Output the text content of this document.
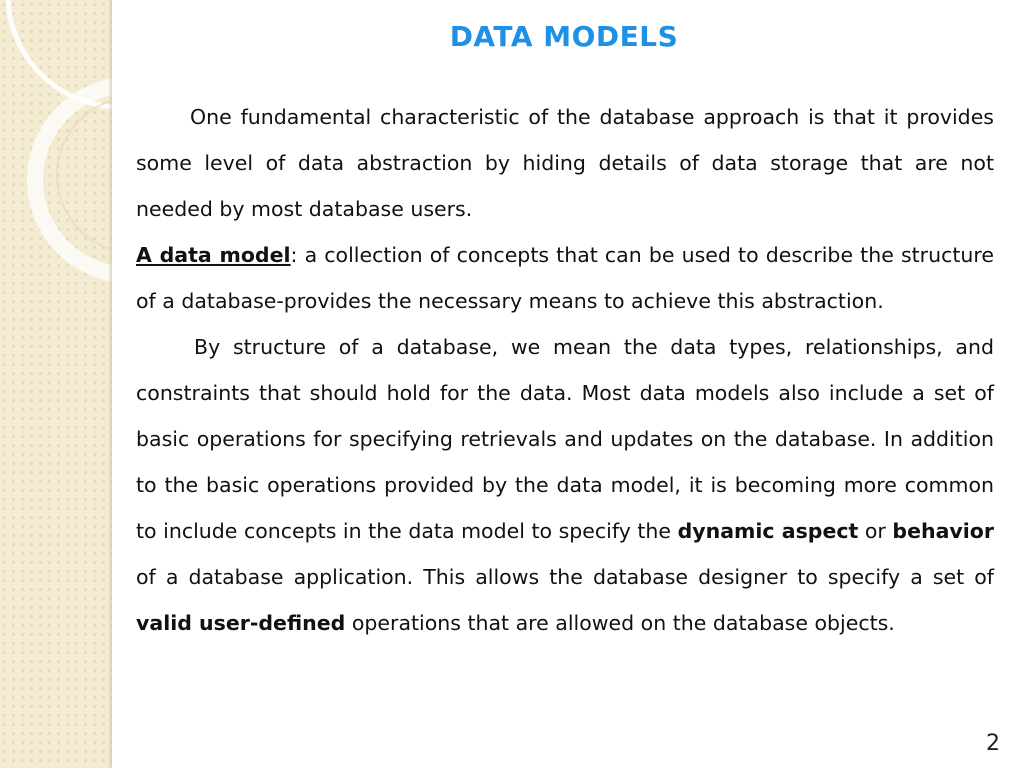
DATA MODELS

One fundamental characteristic of the database approach is that it provides some level of data abstraction by hiding details of data storage that are not needed by most database users.

A data model: a collection of concepts that can be used to describe the structure of a database-provides the necessary means to achieve this abstraction.

By structure of a database, we mean the data types, relationships, and constraints that should hold for the data. Most data models also include a set of basic operations for specifying retrievals and updates on the database. In addition to the basic operations provided by the data model, it is becoming more common to include concepts in the data model to specify the dynamic aspect or behavior of a database application. This allows the database designer to specify a set of valid user-defined operations that are allowed on the database objects.

2
